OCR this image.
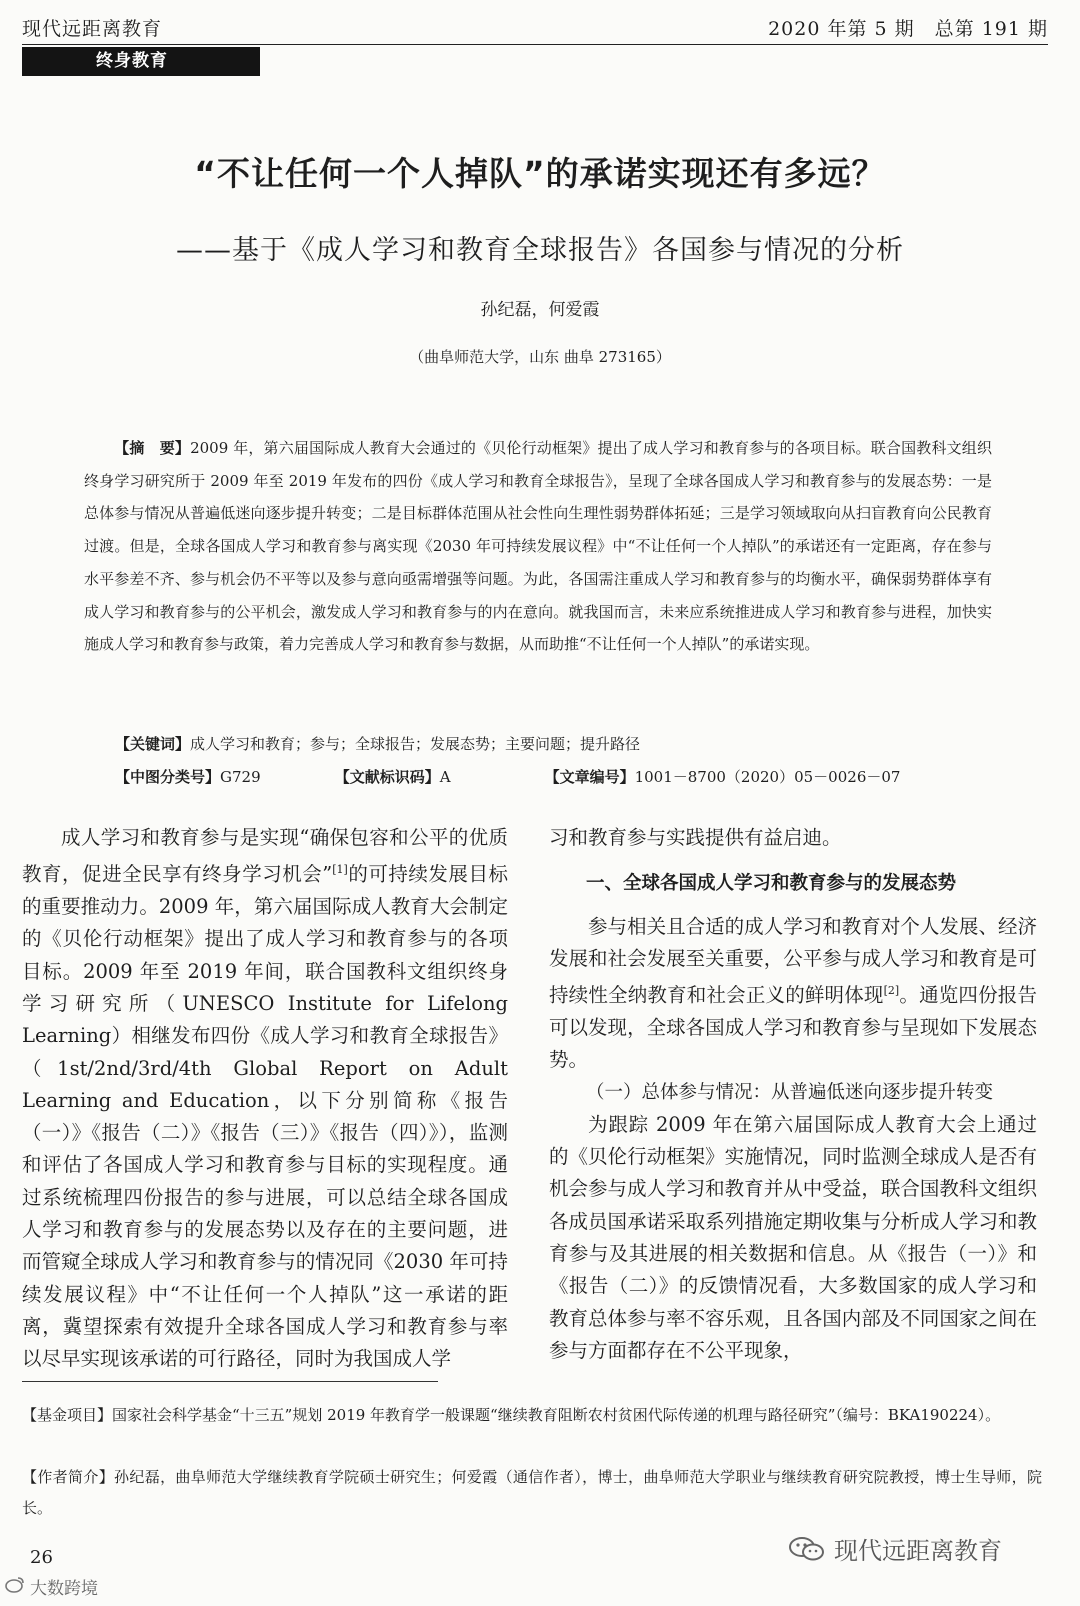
现代远距离教育	2020 年第 5 期　总第 191 期
终身教育
“不让任何一个人掉队”的承诺实现还有多远？
——基于《成人学习和教育全球报告》各国参与情况的分析
孙纪磊，何爱霞
（曲阜师范大学，山东 曲阜 273165）
【摘　要】2009 年，第六届国际成人教育大会通过的《贝伦行动框架》提出了成人学习和教育参与的各项目标。联合国教科文组织终身学习研究所于 2009 年至 2019 年发布的四份《成人学习和教育全球报告》，呈现了全球各国成人学习和教育参与的发展态势：一是总体参与情况从普遍低迷向逐步提升转变；二是目标群体范围从社会性向生理性弱势群体拓延；三是学习领域取向从扫盲教育向公民教育过渡。但是，全球各国成人学习和教育参与离实现《2030 年可持续发展议程》中“不让任何一个人掉队”的承诺还有一定距离，存在参与水平参差不齐、参与机会仍不平等以及参与意向亟需增强等问题。为此，各国需注重成人学习和教育参与的均衡水平，确保弱势群体享有成人学习和教育参与的公平机会，激发成人学习和教育参与的内在意向。就我国而言，未来应系统推进成人学习和教育参与进程，加快实施成人学习和教育参与政策，着力完善成人学习和教育参与数据，从而助推“不让任何一个人掉队”的承诺实现。
【关键词】成人学习和教育；参与；全球报告；发展态势；主要问题；提升路径
【中图分类号】G729	【文献标识码】A	【文章编号】1001－8700（2020）05－0026－07

成人学习和教育参与是实现“确保包容和公平的优质教育，促进全民享有终身学习机会”[1]的可持续发展目标的重要推动力。2009 年，第六届国际成人教育大会制定的《贝伦行动框架》提出了成人学习和教育参与的各项目标。2009 年至 2019 年间，联合国教科文组织终身学习研究所（UNESCO Institute for Lifelong Learning）相继发布四份《成人学习和教育全球报告》（1st/2nd/3rd/4th Global Report on Adult Learning and Education，以下分别简称《报告（一）》《报告（二）》《报告（三）》《报告（四）》），监测和评估了各国成人学习和教育参与目标的实现程度。通过系统梳理四份报告的参与进展，可以总结全球各国成人学习和教育参与的发展态势以及存在的主要问题，进而管窥全球成人学习和教育参与的情况同《2030 年可持续发展议程》中“不让任何一个人掉队”这一承诺的距离，冀望探索有效提升全球各国成人学习和教育参与率以尽早实现该承诺的可行路径，同时为我国成人学

习和教育参与实践提供有益启迪。

一、全球各国成人学习和教育参与的发展态势

参与相关且合适的成人学习和教育对个人发展、经济发展和社会发展至关重要，公平参与成人学习和教育是可持续性全纳教育和社会正义的鲜明体现[2]。通览四份报告可以发现，全球各国成人学习和教育参与呈现如下发展态势。

（一）总体参与情况：从普遍低迷向逐步提升转变

为跟踪 2009 年在第六届国际成人教育大会上通过的《贝伦行动框架》实施情况，同时监测全球成人是否有机会参与成人学习和教育并从中受益，联合国教科文组织各成员国承诺采取系列措施定期收集与分析成人学习和教育参与及其进展的相关数据和信息。从《报告（一）》和《报告（二）》的反馈情况看，大多数国家的成人学习和教育总体参与率不容乐观，且各国内部及不同国家之间在参与方面都存在不公平现象，

【基金项目】国家社会科学基金“十三五”规划 2019 年教育学一般课题“继续教育阻断农村贫困代际传递的机理与路径研究”（编号：BKA190224）。
【作者简介】孙纪磊，曲阜师范大学继续教育学院硕士研究生；何爱霞（通信作者），博士，曲阜师范大学职业与继续教育研究院教授，博士生导师，院长。
26	现代远距离教育
大数跨境
